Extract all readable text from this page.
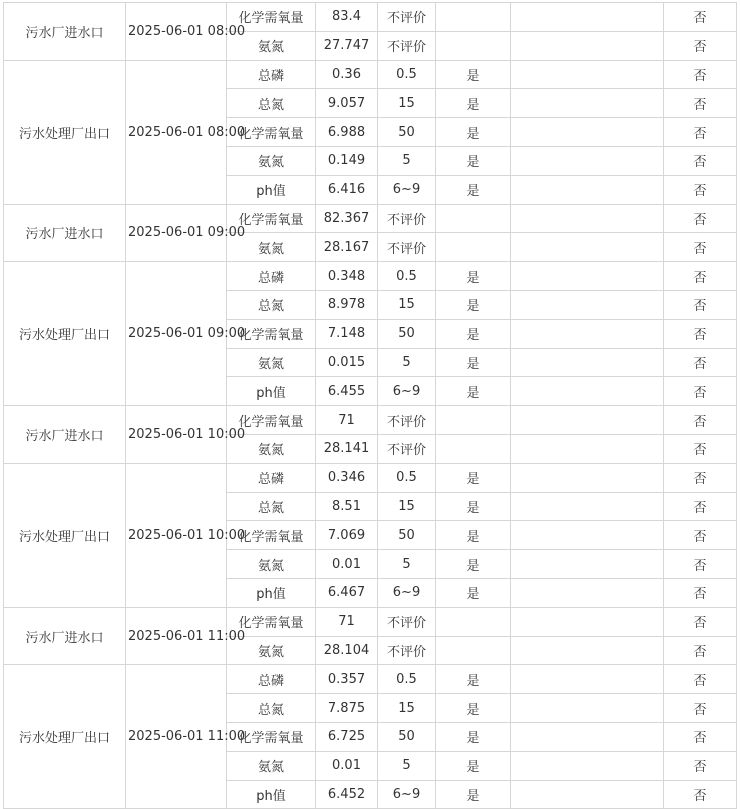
污水厂进水口	2025-06-01 08:00	化学需氧量	83.4	不评价			否	
		氨氮	27.747	不评价			否	
污水处理厂出口	2025-06-01 08:00	总磷	0.36	0.5	是		否	
		总氮	9.057	15	是		否	
		化学需氧量	6.988	50	是		否	
		氨氮	0.149	5	是		否	
		ph值	6.416	6~9	是		否	
污水厂进水口	2025-06-01 09:00	化学需氧量	82.367	不评价			否	
		氨氮	28.167	不评价			否	
污水处理厂出口	2025-06-01 09:00	总磷	0.348	0.5	是		否	
		总氮	8.978	15	是		否	
		化学需氧量	7.148	50	是		否	
		氨氮	0.015	5	是		否	
		ph值	6.455	6~9	是		否	
污水厂进水口	2025-06-01 10:00	化学需氧量	71	不评价			否	
		氨氮	28.141	不评价			否	
污水处理厂出口	2025-06-01 10:00	总磷	0.346	0.5	是		否	
		总氮	8.51	15	是		否	
		化学需氧量	7.069	50	是		否	
		氨氮	0.01	5	是		否	
		ph值	6.467	6~9	是		否	
污水厂进水口	2025-06-01 11:00	化学需氧量	71	不评价			否	
		氨氮	28.104	不评价			否	
污水处理厂出口	2025-06-01 11:00	总磷	0.357	0.5	是		否	
		总氮	7.875	15	是		否	
		化学需氧量	6.725	50	是		否	
		氨氮	0.01	5	是		否	
		ph值	6.452	6~9	是		否	
